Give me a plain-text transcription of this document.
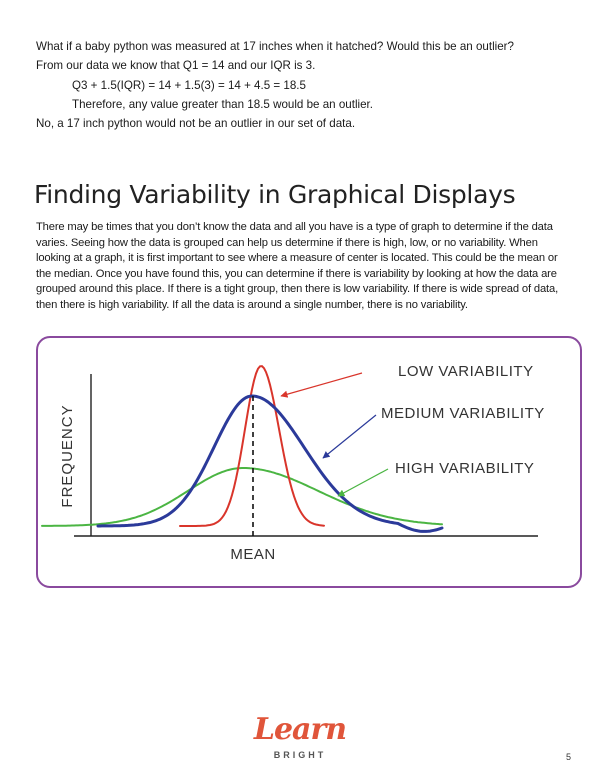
What if a baby python was measured at 17 inches when it hatched? Would this be an outlier?

From our data we know that Q1 = 14 and our IQR is 3.

Q3 + 1.5(IQR) = 14 + 1.5(3) = 14 + 4.5 = 18.5

Therefore, any value greater than 18.5 would be an outlier.

No, a 17 inch python would not be an outlier in our set of data.

Finding Variability in Graphical Displays

There may be times that you don’t know the data and all you have is a type of graph to determine if the data varies. Seeing how the data is grouped can help us determine if there is high, low, or no variability. When looking at a graph, it is first important to see where a measure of center is located. This could be the mean or the median. Once you have found this, you can determine if there is variability by looking at how the data are grouped around this place. If there is a tight group, then there is low variability. If there is wide spread of data, then there is high variability. If all the data is around a single number, there is no variability.

LOW VARIABILITY
MEDIUM VARIABILITY
HIGH VARIABILITY
MEAN
FREQUENCY
Learn
BRIGHT	5
